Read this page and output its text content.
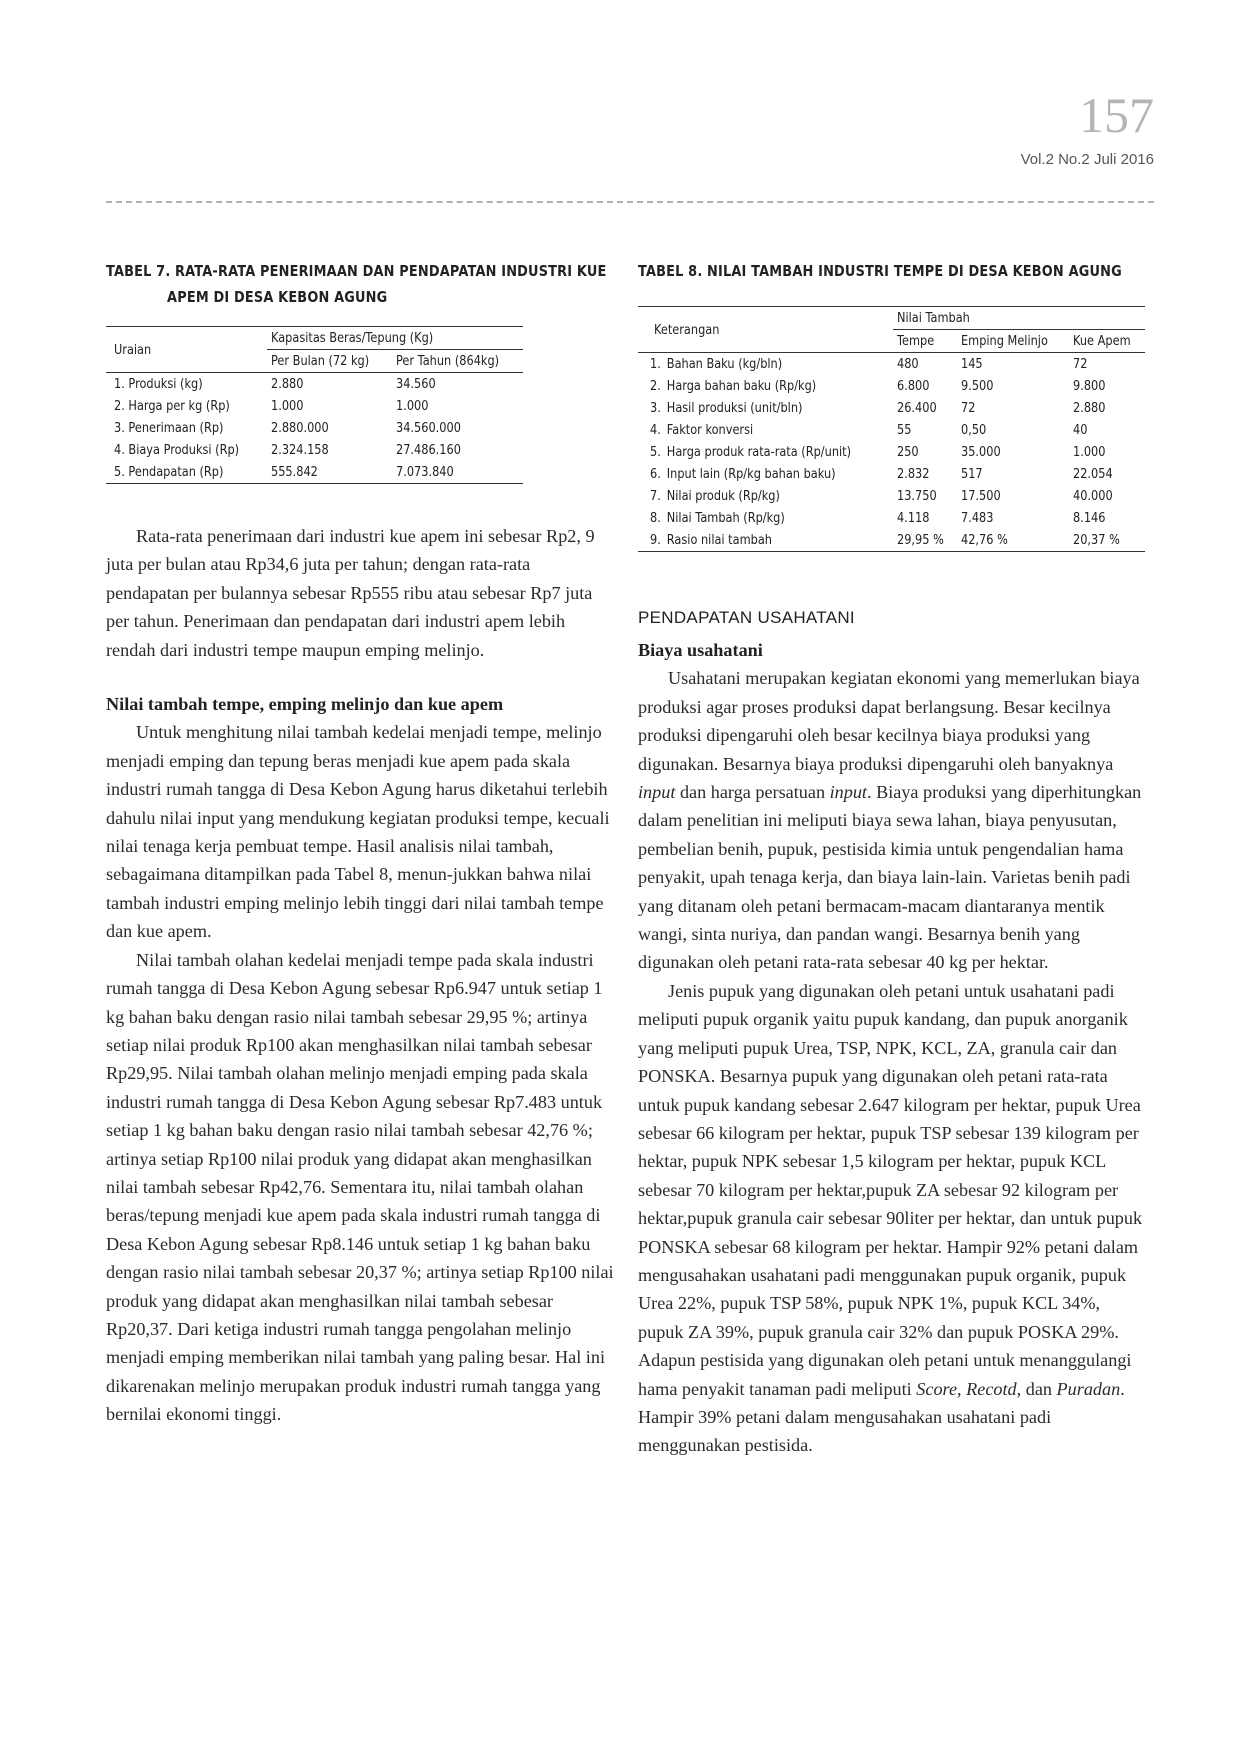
157
Vol.2 No.2 Juli 2016

TABEL 7. RATA-RATA PENERIMAAN DAN PENDAPATAN INDUSTRI KUE
APEM DI DESA KEBON AGUNG

Uraian	Kapasitas Beras/Tepung (Kg)	
	Per Bulan (72 kg)	Per Tahun (864kg)
1. Produksi (kg)	2.880	34.560
2. Harga per kg (Rp)	1.000	1.000
3. Penerimaan (Rp)	2.880.000	34.560.000
4. Biaya Produksi (Rp)	2.324.158	27.486.160
5. Pendapatan (Rp)	555.842	7.073.840

Rata-rata penerimaan dari industri kue apem ini sebesar Rp2, 9 juta per bulan atau Rp34,6 juta per tahun; dengan rata-rata pendapatan per bulannya sebesar Rp555 ribu atau sebesar Rp7 juta per tahun. Penerimaan dan pendapatan dari industri apem lebih rendah dari industri tempe maupun emping melinjo.

Nilai tambah tempe, emping melinjo dan kue apem

Untuk menghitung nilai tambah kedelai menjadi tempe, melinjo menjadi emping dan tepung beras menjadi kue apem pada skala industri rumah tangga di Desa Kebon Agung harus diketahui terlebih dahulu nilai input yang mendukung kegiatan produksi tempe, kecuali nilai tenaga kerja pembuat tempe. Hasil analisis nilai tambah, sebagaimana ditampilkan pada Tabel 8, menun-jukkan bahwa nilai tambah industri emping melinjo lebih tinggi dari nilai tambah tempe dan kue apem.

Nilai tambah olahan kedelai menjadi tempe pada skala industri rumah tangga di Desa Kebon Agung sebesar Rp6.947 untuk setiap 1 kg bahan baku dengan rasio nilai tambah sebesar 29,95 %; artinya setiap nilai produk Rp100 akan menghasilkan nilai tambah sebesar Rp29,95. Nilai tambah olahan melinjo menjadi emping pada skala industri rumah tangga di Desa Kebon Agung sebesar Rp7.483 untuk setiap 1 kg bahan baku dengan rasio nilai tambah sebesar 42,76 %; artinya setiap Rp100 nilai produk yang didapat akan menghasilkan nilai tambah sebesar Rp42,76. Sementara itu, nilai tambah olahan beras/tepung menjadi kue apem pada skala industri rumah tangga di Desa Kebon Agung sebesar Rp8.146 untuk setiap 1 kg bahan baku dengan rasio nilai tambah sebesar 20,37 %; artinya setiap Rp100 nilai produk yang didapat akan menghasilkan nilai tambah sebesar Rp20,37. Dari ketiga industri rumah tangga pengolahan melinjo menjadi emping memberikan nilai tambah yang paling besar. Hal ini dikarenakan melinjo merupakan produk industri rumah tangga yang bernilai ekonomi tinggi.

TABEL 8. NILAI TAMBAH INDUSTRI TEMPE DI DESA KEBON AGUNG

Keterangan	Nilai Tambah		
	Tempe	Emping Melinjo	Kue Apem
1. Bahan Baku (kg/bln)	480	145	72
2. Harga bahan baku (Rp/kg)	6.800	9.500	9.800
3. Hasil produksi (unit/bln)	26.400	72	2.880
4. Faktor konversi	55	0,50	40
5. Harga produk rata-rata (Rp/unit)	250	35.000	1.000
6. Input lain (Rp/kg bahan baku)	2.832	517	22.054
7. Nilai produk (Rp/kg)	13.750	17.500	40.000
8. Nilai Tambah (Rp/kg)	4.118	7.483	8.146
9. Rasio nilai tambah	29,95 %	42,76 %	20,37 %

PENDAPATAN USAHATANI

Biaya usahatani

Usahatani merupakan kegiatan ekonomi yang memerlukan biaya produksi agar proses produksi dapat berlangsung. Besar kecilnya produksi dipengaruhi oleh besar kecilnya biaya produksi yang digunakan. Besarnya biaya produksi dipengaruhi oleh banyaknya input dan harga persatuan input. Biaya produksi yang diperhitungkan dalam penelitian ini meliputi biaya sewa lahan, biaya penyusutan, pembelian benih, pupuk, pestisida kimia untuk pengendalian hama penyakit, upah tenaga kerja, dan biaya lain-lain. Varietas benih padi yang ditanam oleh petani bermacam-macam diantaranya mentik wangi, sinta nuriya, dan pandan wangi. Besarnya benih yang digunakan oleh petani rata-rata sebesar 40 kg per hektar.

Jenis pupuk yang digunakan oleh petani untuk usahatani padi meliputi pupuk organik yaitu pupuk kandang, dan pupuk anorganik yang meliputi pupuk Urea, TSP, NPK, KCL, ZA, granula cair dan PONSKA. Besarnya pupuk yang digunakan oleh petani rata-rata untuk pupuk kandang sebesar 2.647 kilogram per hektar, pupuk Urea sebesar 66 kilogram per hektar, pupuk TSP sebesar 139 kilogram per hektar, pupuk NPK sebesar 1,5 kilogram per hektar, pupuk KCL sebesar 70 kilogram per hektar,pupuk ZA sebesar 92 kilogram per hektar,pupuk granula cair sebesar 90liter per hektar, dan untuk pupuk PONSKA sebesar 68 kilogram per hektar. Hampir 92% petani dalam mengusahakan usahatani padi menggunakan pupuk organik, pupuk Urea 22%, pupuk TSP 58%, pupuk NPK 1%, pupuk KCL 34%, pupuk ZA 39%, pupuk granula cair 32% dan pupuk POSKA 29%. Adapun pestisida yang digunakan oleh petani untuk menanggulangi hama penyakit tanaman padi meliputi Score, Recotd, dan Puradan. Hampir 39% petani dalam mengusahakan usahatani padi menggunakan pestisida.
